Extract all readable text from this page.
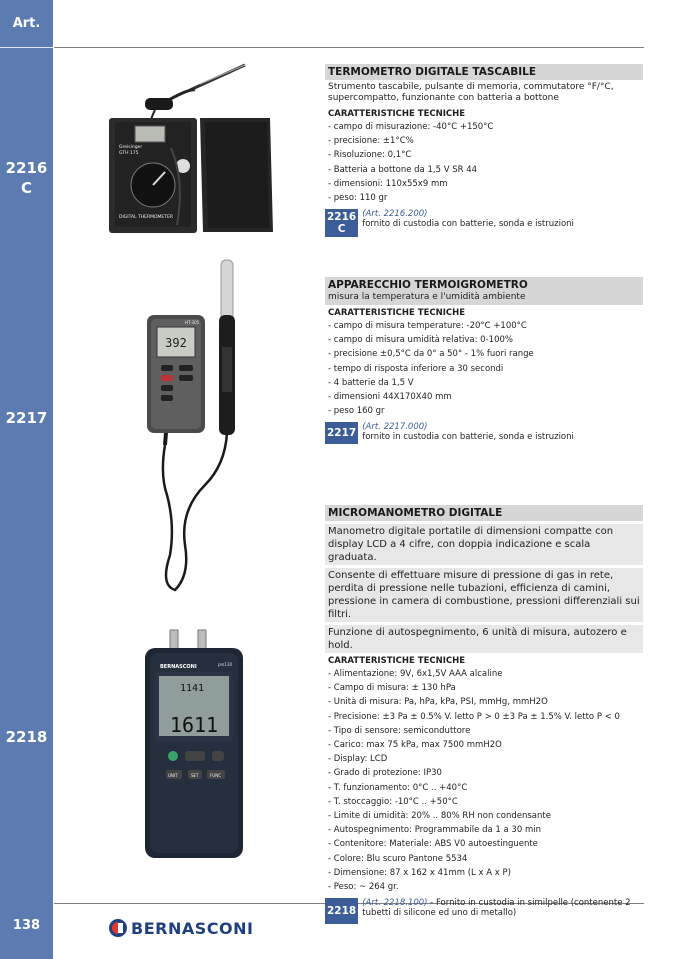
Art.
2216
C
2217
2218
138	BERNASCONI
Greisinger
GTH 175
DIGITAL THERMOMETER
392
HT-305
1141
1611
BERNASCONI	pm130
UNIT	SET	FUNC
TERMOMETRO DIGITALE TASCABILE
Strumento tascabile, pulsante di memoria, commutatore °F/°C, supercompatto, funzionante con batteria a bottone
CARATTERISTICHE TECNICHE
- campo di misurazione: -40°C +150°C
- precisione: ±1°C%
- Risoluzione: 0,1°C
- Batteria a bottone da 1,5 V SR 44
- dimensioni: 110x55x9 mm
- peso: 110 gr
2216
C
(Art. 2216.200)
fornito di custodia con batterie, sonda e istruzioni
APPARECCHIO TERMOIGROMETRO
misura la temperatura e l'umidità ambiente
CARATTERISTICHE TECNICHE
- campo di misura temperature: -20°C +100°C
- campo di misura umidità relativa: 0-100%
- precisione ±0,5°C da 0° a 50° - 1% fuori range
- tempo di risposta inferiore a 30 secondi
- 4 batterie da 1,5 V
- dimensioni 44X170X40 mm
- peso 160 gr
2217 (Art. 2217.000)
fornito in custodia con batterie, sonda e istruzioni
MICROMANOMETRO DIGITALE
Manometro digitale portatile di dimensioni compatte con display LCD a 4 cifre, con doppia indicazione e scala graduata.
Consente di effettuare misure di pressione di gas in rete, perdita di pressione nelle tubazioni, efficienza di camini, pressione in camera di combustione, pressioni differenziali sui filtri.
Funzione di autospegnimento, 6 unità di misura, autozero e hold.
CARATTERISTICHE TECNICHE
- Alimentazione: 9V, 6x1,5V AAA alcaline
- Campo di misura: ± 130 hPa
- Unità di misura: Pa, hPa, kPa, PSI, mmHg, mmH2O
- Precisione: ±3 Pa ± 0.5% V. letto P > 0 ±3 Pa ± 1.5% V. letto P < 0
- Tipo di sensore: semiconduttore
- Carico: max 75 kPa, max 7500 mmH2O
- Display: LCD
- Grado di protezione: IP30
- T. funzionamento: 0°C .. +40°C
- T. stoccaggio: -10°C .. +50°C
- Limite di umidità: 20% .. 80% RH non condensante
- Autospegnimento: Programmabile da 1 a 30 min
- Contenitore: Materiale: ABS V0 autoestinguente
- Colore: Blu scuro Pantone 5534
- Dimensione: 87 x 162 x 41mm (L x A x P)
- Peso: ~ 264 gr.
2218
(Art. 2218.100) - Fornito in custodia in similpelle (contenente 2 tubetti di silicone ed uno di metallo)
